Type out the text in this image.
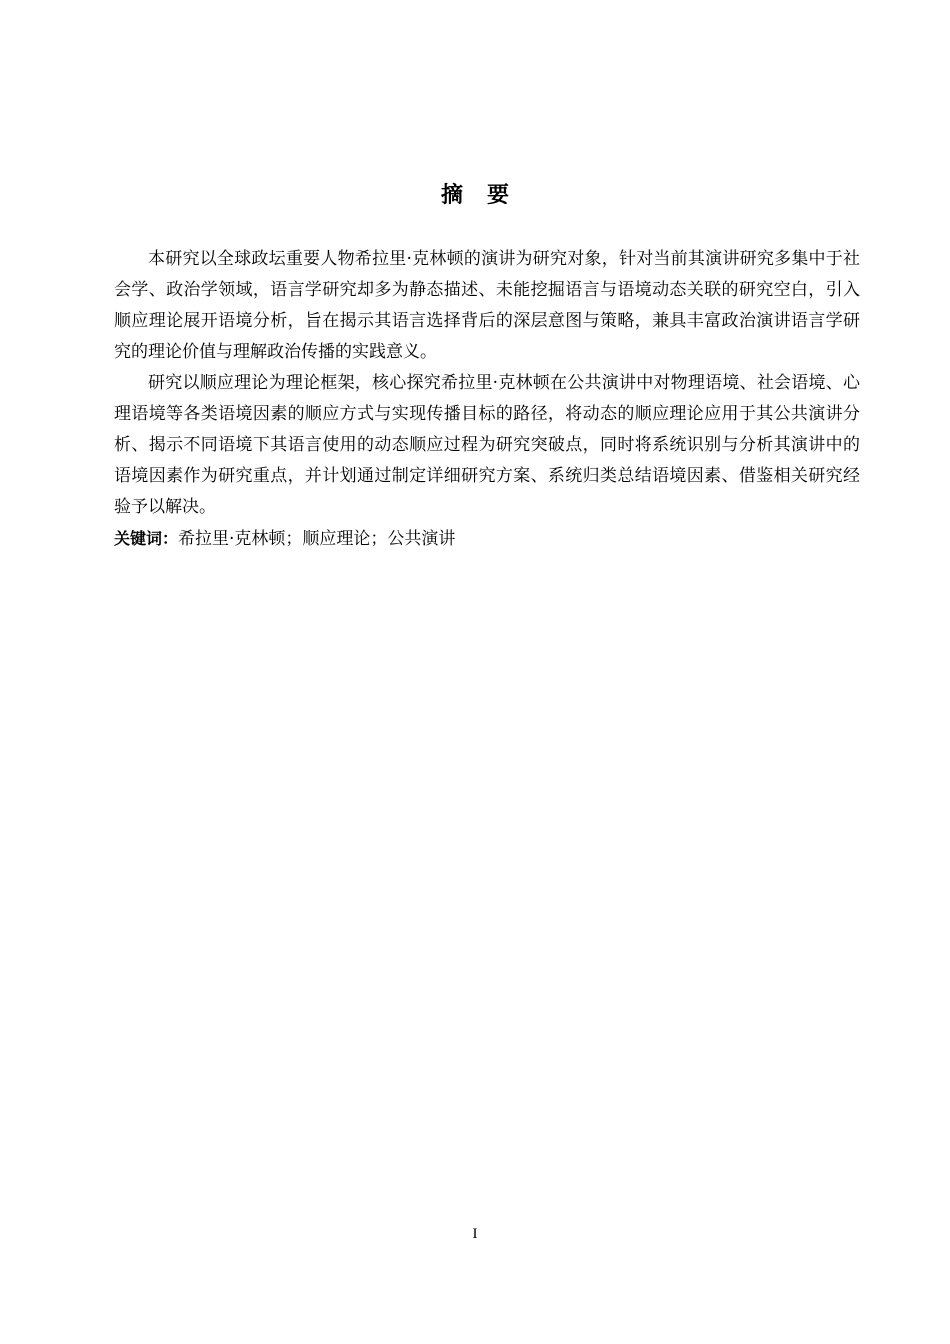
摘要

本研究以全球政坛重要人物希拉里·克林顿的演讲为研究对象，针对当前其演讲研究多集中于社会学、政治学领域，语言学研究却多为静态描述、未能挖掘语言与语境动态关联的研究空白，引入顺应理论展开语境分析，旨在揭示其语言选择背后的深层意图与策略，兼具丰富政治演讲语言学研究的理论价值与理解政治传播的实践意义。

研究以顺应理论为理论框架，核心探究希拉里·克林顿在公共演讲中对物理语境、社会语境、心理语境等各类语境因素的顺应方式与实现传播目标的路径，将动态的顺应理论应用于其公共演讲分析、揭示不同语境下其语言使用的动态顺应过程为研究突破点，同时将系统识别与分析其演讲中的语境因素作为研究重点，并计划通过制定详细研究方案、系统归类总结语境因素、借鉴相关研究经验予以解决。

关键词：希拉里·克林顿；顺应理论；公共演讲

I
